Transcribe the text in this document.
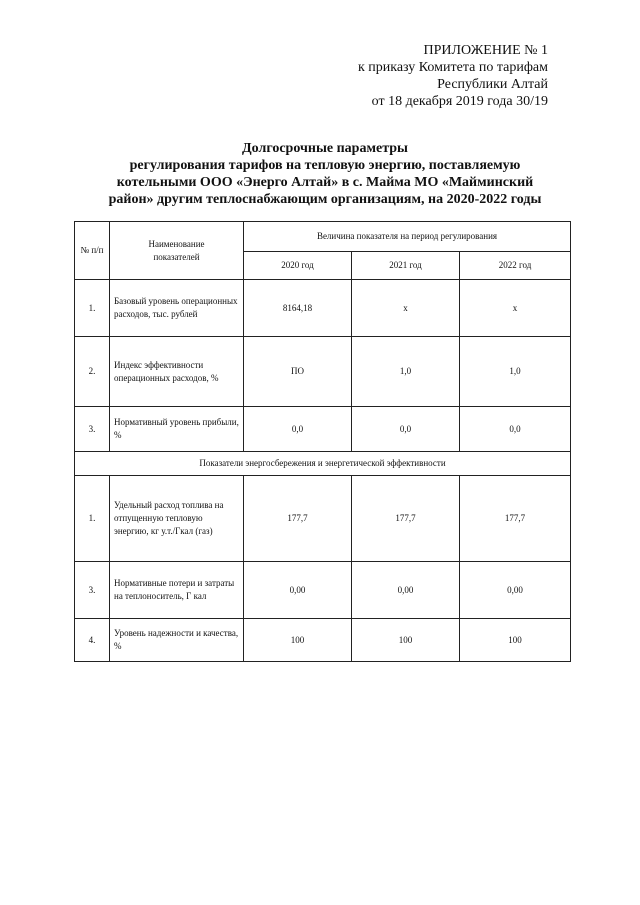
ПРИЛОЖЕНИЕ № 1
к приказу Комитета по тарифам
Республики Алтай
от 18 декабря 2019 года 30/19
Долгосрочные параметры
регулирования тарифов на тепловую энергию, поставляемую
котельными ООО «Энерго Алтай» в с. Майма МО «Майминский
район» другим теплоснабжающим организациям, на 2020-2022 годы
№ п/п	Наименование показателей	Величина показателя на период регулирования		
		2020 год	2021 год	2022 год
1.	Базовый уровень операционных расходов, тыс. рублей	8164,18	x	x
2.	Индекс эффективности операционных расходов, %	ПО	1,0	1,0
3.	Нормативный уровень прибыли, %	0,0	0,0	0,0
Показатели энергосбережения и энергетической эффективности				
1.	Удельный расход топлива на отпущенную тепловую энергию, кг у.т./Гкал (газ)	177,7	177,7	177,7
3.	Нормативные потери и затраты на теплоноситель, Г кал	0,00	0,00	0,00
4.	Уровень надежности и качества, %	100	100	100
